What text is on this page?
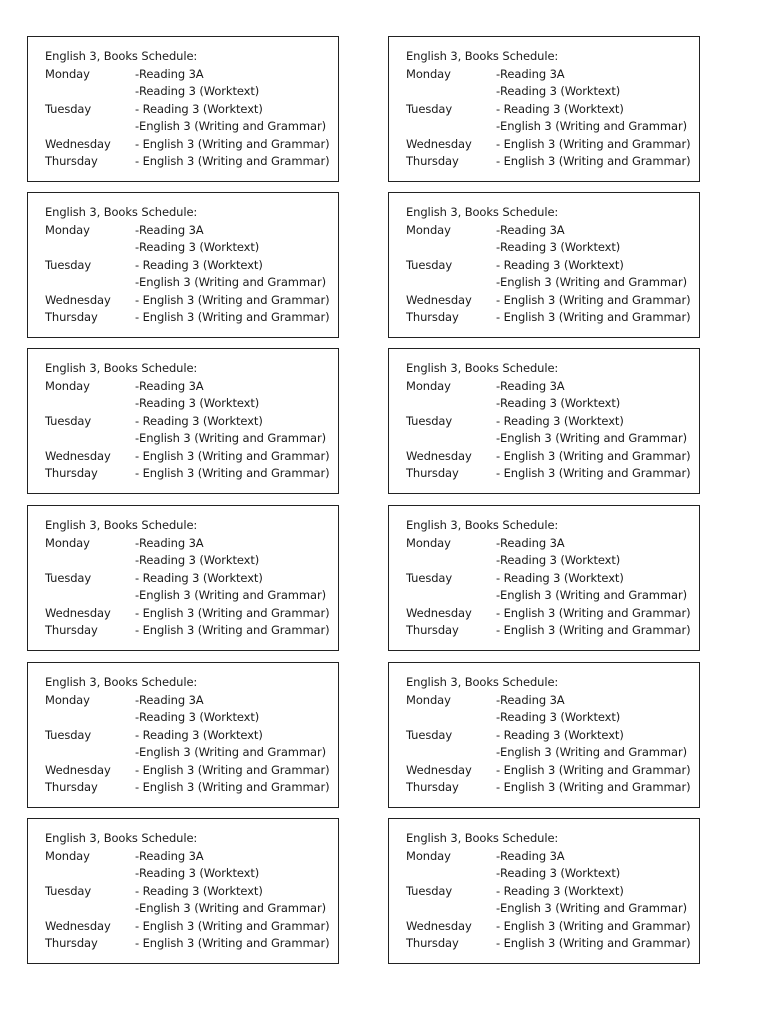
English 3, Books Schedule:
Monday	-Reading 3A
-Reading 3 (Worktext)
Tuesday	- Reading 3 (Worktext)
-English 3 (Writing and Grammar)
Wednesday	- English 3 (Writing and Grammar)
Thursday	- English 3 (Writing and Grammar)
English 3, Books Schedule:
Monday	-Reading 3A
-Reading 3 (Worktext)
Tuesday	- Reading 3 (Worktext)
-English 3 (Writing and Grammar)
Wednesday	- English 3 (Writing and Grammar)
Thursday	- English 3 (Writing and Grammar)
English 3, Books Schedule:
Monday	-Reading 3A
-Reading 3 (Worktext)
Tuesday	- Reading 3 (Worktext)
-English 3 (Writing and Grammar)
Wednesday	- English 3 (Writing and Grammar)
Thursday	- English 3 (Writing and Grammar)
English 3, Books Schedule:
Monday	-Reading 3A
-Reading 3 (Worktext)
Tuesday	- Reading 3 (Worktext)
-English 3 (Writing and Grammar)
Wednesday	- English 3 (Writing and Grammar)
Thursday	- English 3 (Writing and Grammar)
English 3, Books Schedule:
Monday	-Reading 3A
-Reading 3 (Worktext)
Tuesday	- Reading 3 (Worktext)
-English 3 (Writing and Grammar)
Wednesday	- English 3 (Writing and Grammar)
Thursday	- English 3 (Writing and Grammar)
English 3, Books Schedule:
Monday	-Reading 3A
-Reading 3 (Worktext)
Tuesday	- Reading 3 (Worktext)
-English 3 (Writing and Grammar)
Wednesday	- English 3 (Writing and Grammar)
Thursday	- English 3 (Writing and Grammar)
English 3, Books Schedule:
Monday	-Reading 3A
-Reading 3 (Worktext)
Tuesday	- Reading 3 (Worktext)
-English 3 (Writing and Grammar)
Wednesday	- English 3 (Writing and Grammar)
Thursday	- English 3 (Writing and Grammar)
English 3, Books Schedule:
Monday	-Reading 3A
-Reading 3 (Worktext)
Tuesday	- Reading 3 (Worktext)
-English 3 (Writing and Grammar)
Wednesday	- English 3 (Writing and Grammar)
Thursday	- English 3 (Writing and Grammar)
English 3, Books Schedule:
Monday	-Reading 3A
-Reading 3 (Worktext)
Tuesday	- Reading 3 (Worktext)
-English 3 (Writing and Grammar)
Wednesday	- English 3 (Writing and Grammar)
Thursday	- English 3 (Writing and Grammar)
English 3, Books Schedule:
Monday	-Reading 3A
-Reading 3 (Worktext)
Tuesday	- Reading 3 (Worktext)
-English 3 (Writing and Grammar)
Wednesday	- English 3 (Writing and Grammar)
Thursday	- English 3 (Writing and Grammar)
English 3, Books Schedule:
Monday	-Reading 3A
-Reading 3 (Worktext)
Tuesday	- Reading 3 (Worktext)
-English 3 (Writing and Grammar)
Wednesday	- English 3 (Writing and Grammar)
Thursday	- English 3 (Writing and Grammar)
English 3, Books Schedule:
Monday	-Reading 3A
-Reading 3 (Worktext)
Tuesday	- Reading 3 (Worktext)
-English 3 (Writing and Grammar)
Wednesday	- English 3 (Writing and Grammar)
Thursday	- English 3 (Writing and Grammar)
